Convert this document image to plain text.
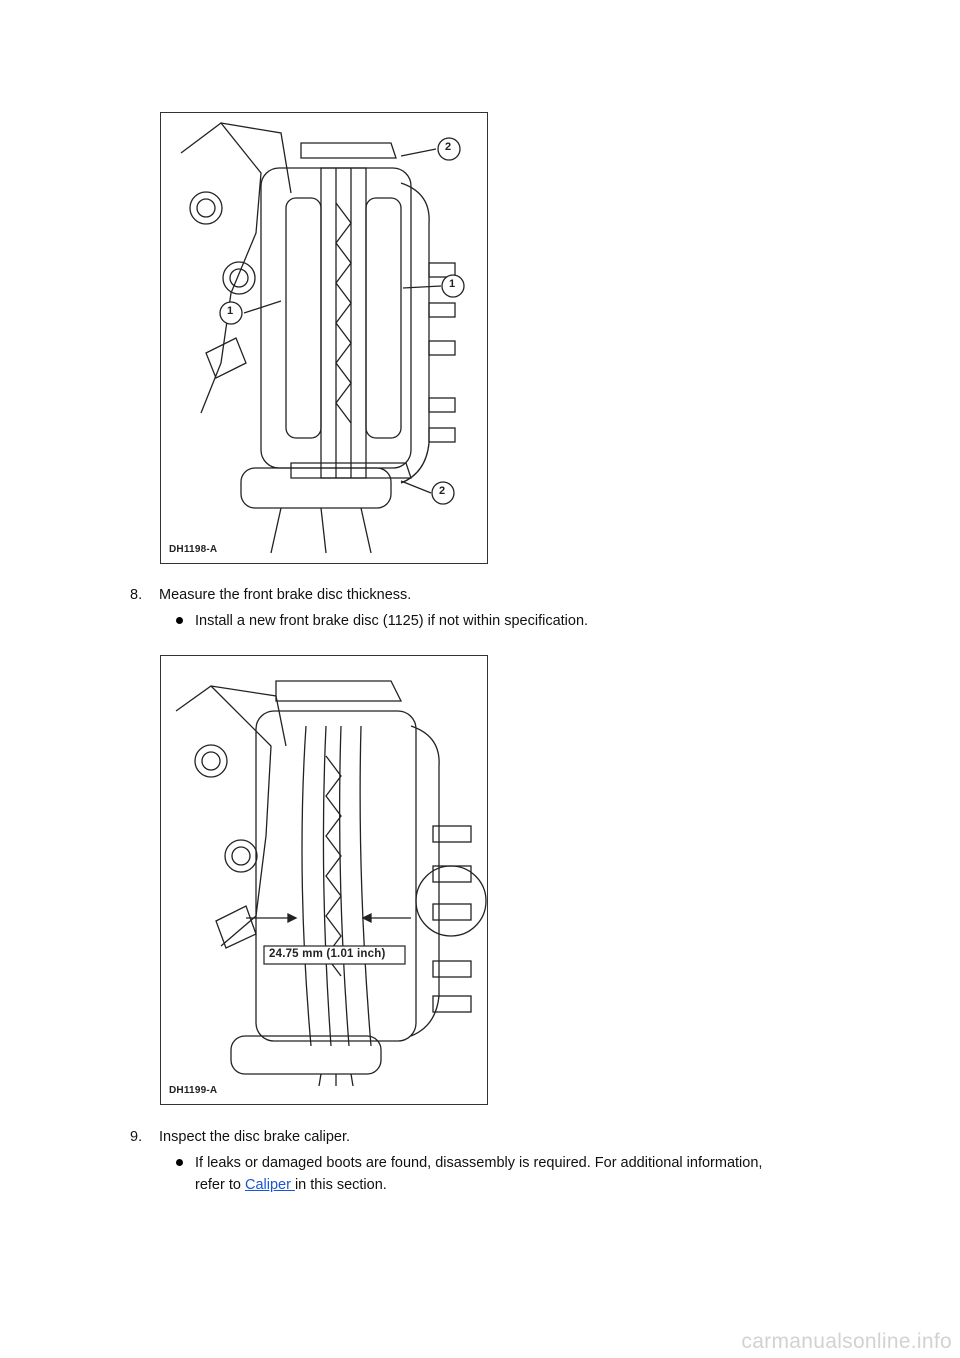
2
1
1
2
DH1198-A
8. Measure the front brake disc thickness.
Install a new front brake disc (1125) if not within specification.
24.75 mm (1.01 inch)
DH1199-A
9. Inspect the disc brake caliper.
If leaks or damaged boots are found, disassembly is required. For additional information,
refer to Caliper in this section.
carmanualsonline.info
